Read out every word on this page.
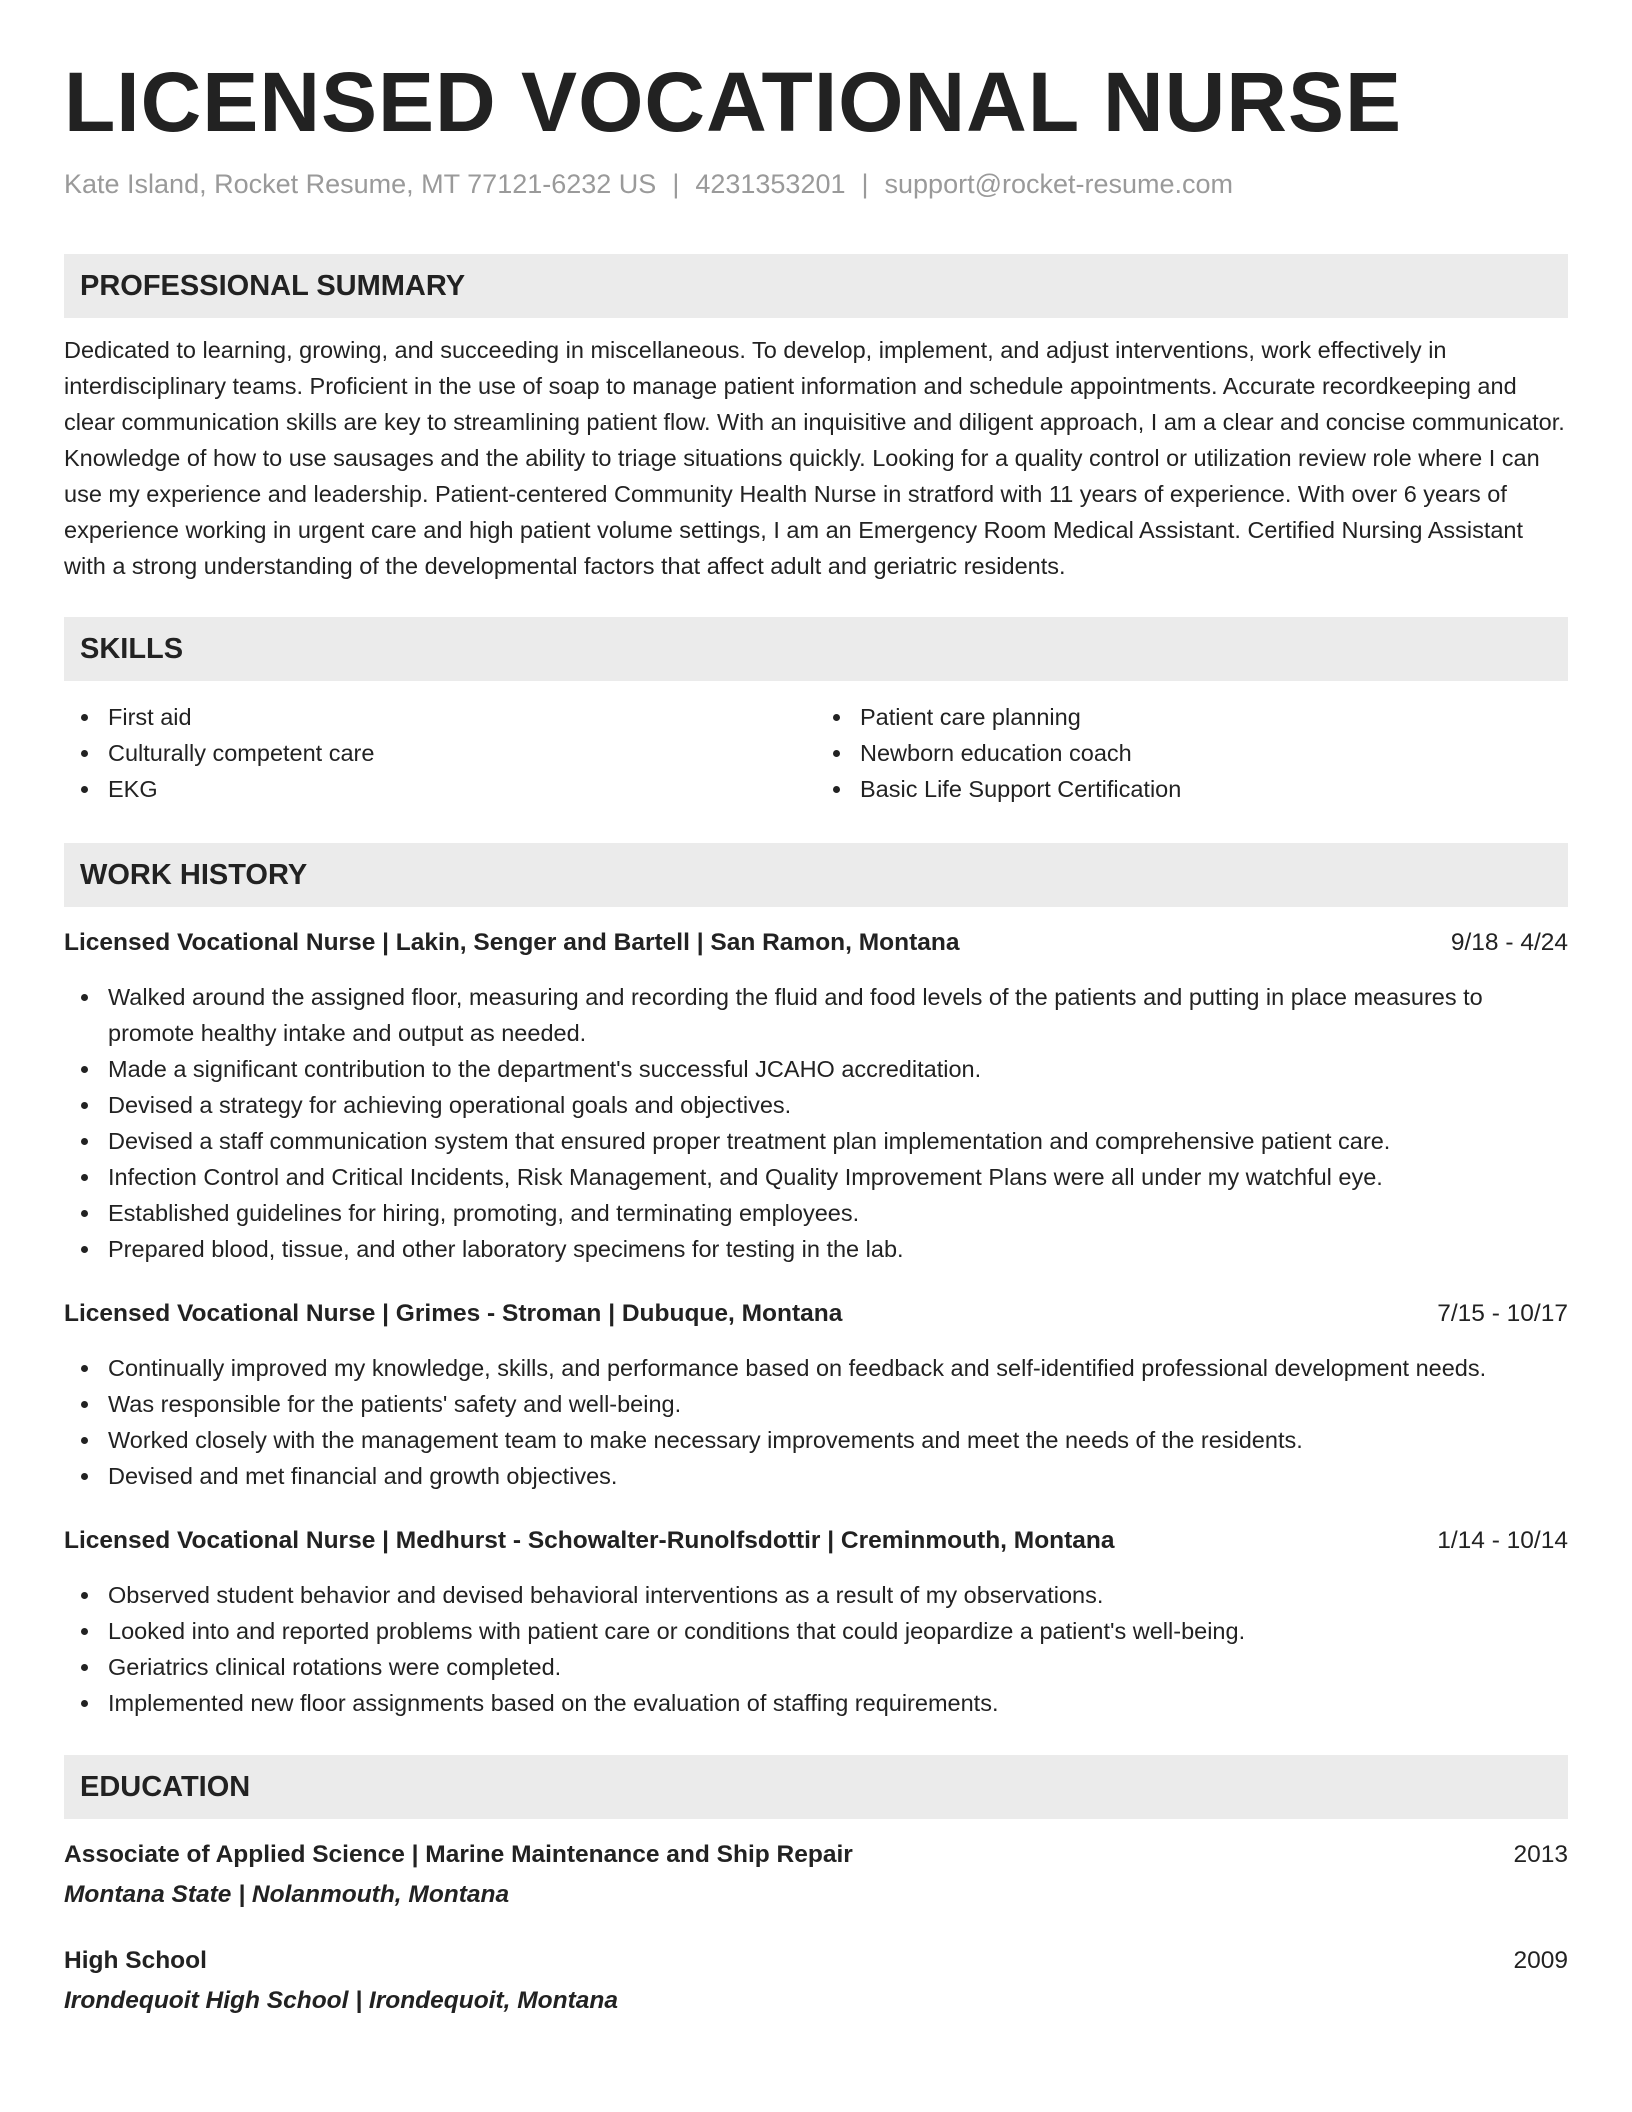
LICENSED VOCATIONAL NURSE
Kate Island, Rocket Resume, MT 77121-6232 US | 4231353201 | support@rocket-resume.com
PROFESSIONAL SUMMARY

Dedicated to learning, growing, and succeeding in miscellaneous. To develop, implement, and adjust interventions, work effectively in interdisciplinary teams. Proficient in the use of soap to manage patient information and schedule appointments. Accurate recordkeeping and clear communication skills are key to streamlining patient flow. With an inquisitive and diligent approach, I am a clear and concise communicator. Knowledge of how to use sausages and the ability to triage situations quickly. Looking for a quality control or utilization review role where I can use my experience and leadership. Patient-centered Community Health Nurse in stratford with 11 years of experience. With over 6 years of experience working in urgent care and high patient volume settings, I am an Emergency Room Medical Assistant. Certified Nursing Assistant with a strong understanding of the developmental factors that affect adult and geriatric residents.

SKILLS
First aid
Culturally competent care
EKG
Patient care planning
Newborn education coach
Basic Life Support Certification
WORK HISTORY
Licensed Vocational Nurse | Lakin, Senger and Bartell | San Ramon, Montana	9/18 - 4/24
Walked around the assigned floor, measuring and recording the fluid and food levels of the patients and putting in place measures to promote healthy intake and output as needed.
Made a significant contribution to the department's successful JCAHO accreditation.
Devised a strategy for achieving operational goals and objectives.
Devised a staff communication system that ensured proper treatment plan implementation and comprehensive patient care.
Infection Control and Critical Incidents, Risk Management, and Quality Improvement Plans were all under my watchful eye.
Established guidelines for hiring, promoting, and terminating employees.
Prepared blood, tissue, and other laboratory specimens for testing in the lab.
Licensed Vocational Nurse | Grimes - Stroman | Dubuque, Montana	7/15 - 10/17
Continually improved my knowledge, skills, and performance based on feedback and self-identified professional development needs.
Was responsible for the patients' safety and well-being.
Worked closely with the management team to make necessary improvements and meet the needs of the residents.
Devised and met financial and growth objectives.
Licensed Vocational Nurse | Medhurst - Schowalter-Runolfsdottir | Creminmouth, Montana	1/14 - 10/14
Observed student behavior and devised behavioral interventions as a result of my observations.
Looked into and reported problems with patient care or conditions that could jeopardize a patient's well-being.
Geriatrics clinical rotations were completed.
Implemented new floor assignments based on the evaluation of staffing requirements.
EDUCATION
Associate of Applied Science | Marine Maintenance and Ship Repair	2013
Montana State | Nolanmouth, Montana
High School	2009
Irondequoit High School | Irondequoit, Montana
